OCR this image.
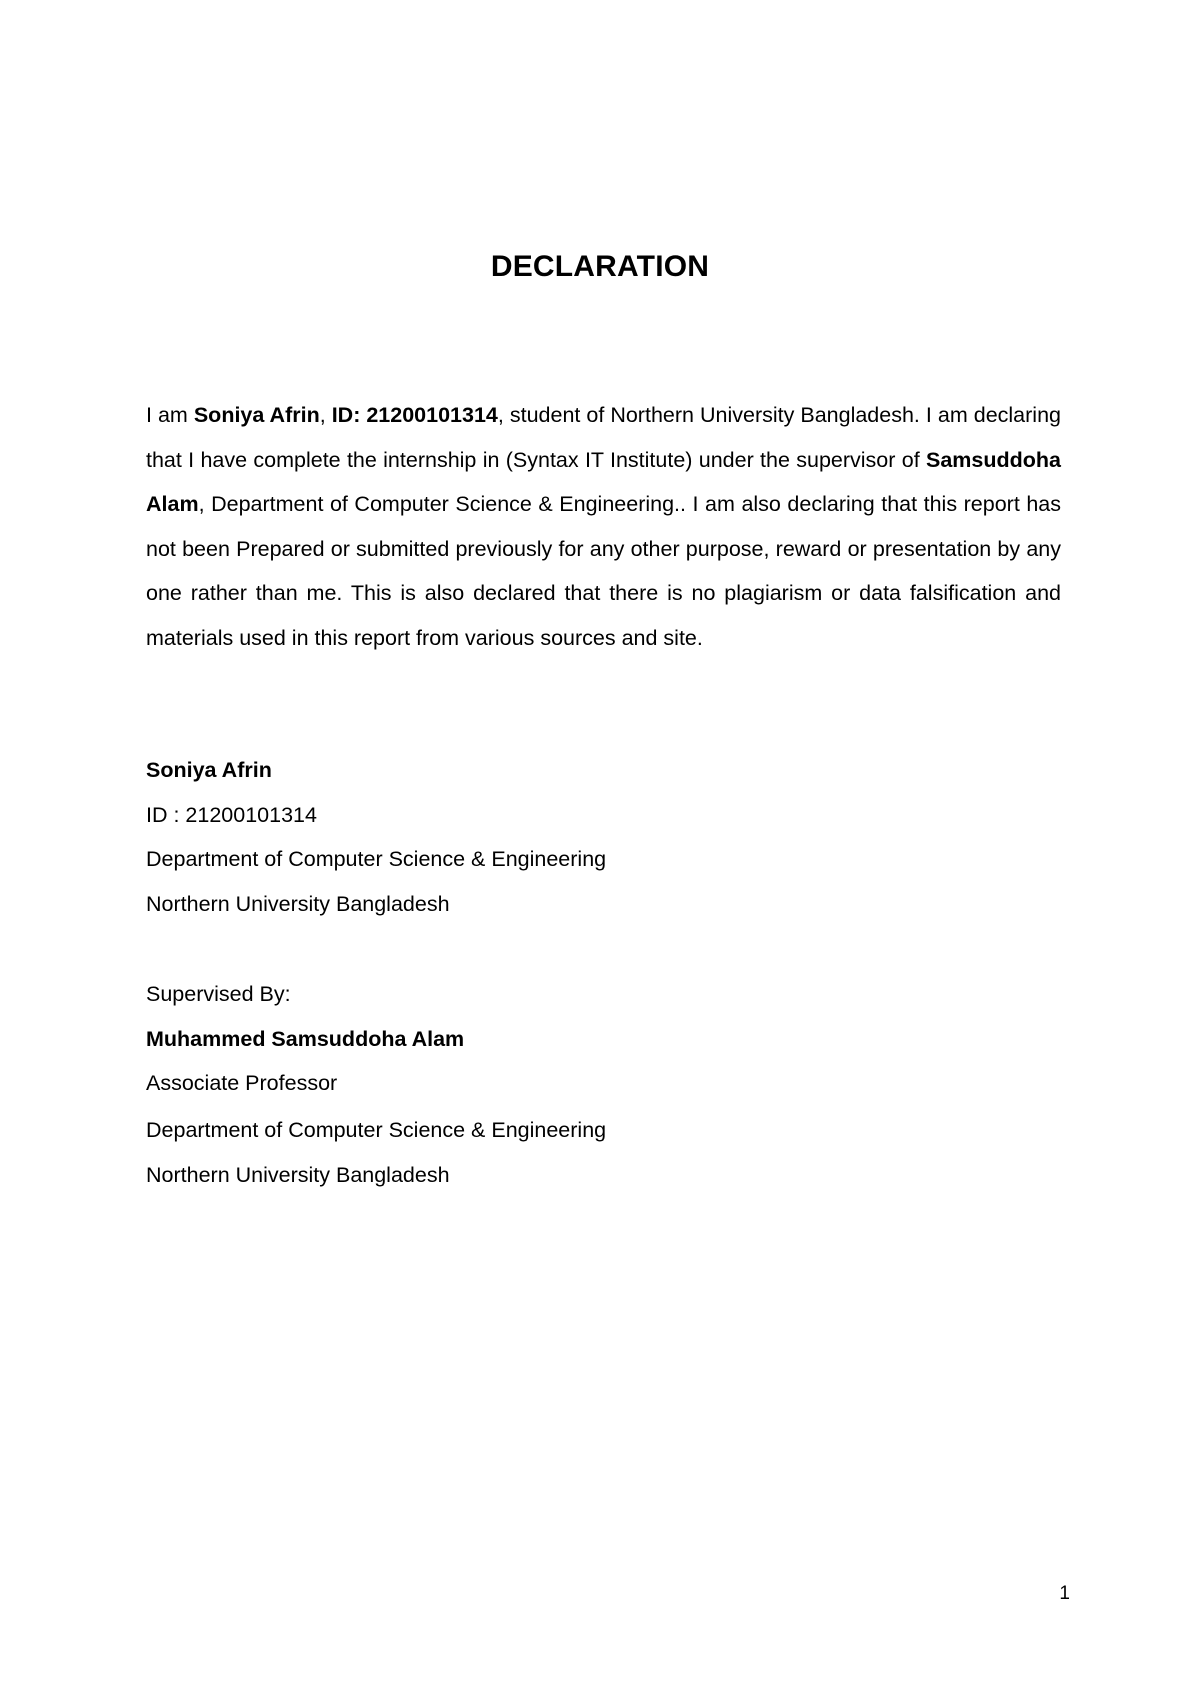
DECLARATION

I am Soniya Afrin, ID: 21200101314, student of Northern University Bangladesh. I am declaring that I have complete the internship in (Syntax IT Institute) under the supervisor of Samsuddoha Alam, Department of Computer Science & Engineering.. I am also declaring that this report has not been Prepared or submitted previously for any other purpose, reward or presentation by any one rather than me. This is also declared that there is no plagiarism or data falsification and materials used in this report from various sources and site.

Soniya Afrin
ID : 21200101314
Department of Computer Science & Engineering
Northern University Bangladesh
Supervised By:
Muhammed Samsuddoha Alam
Associate Professor
Department of Computer Science & Engineering
Northern University Bangladesh
1
